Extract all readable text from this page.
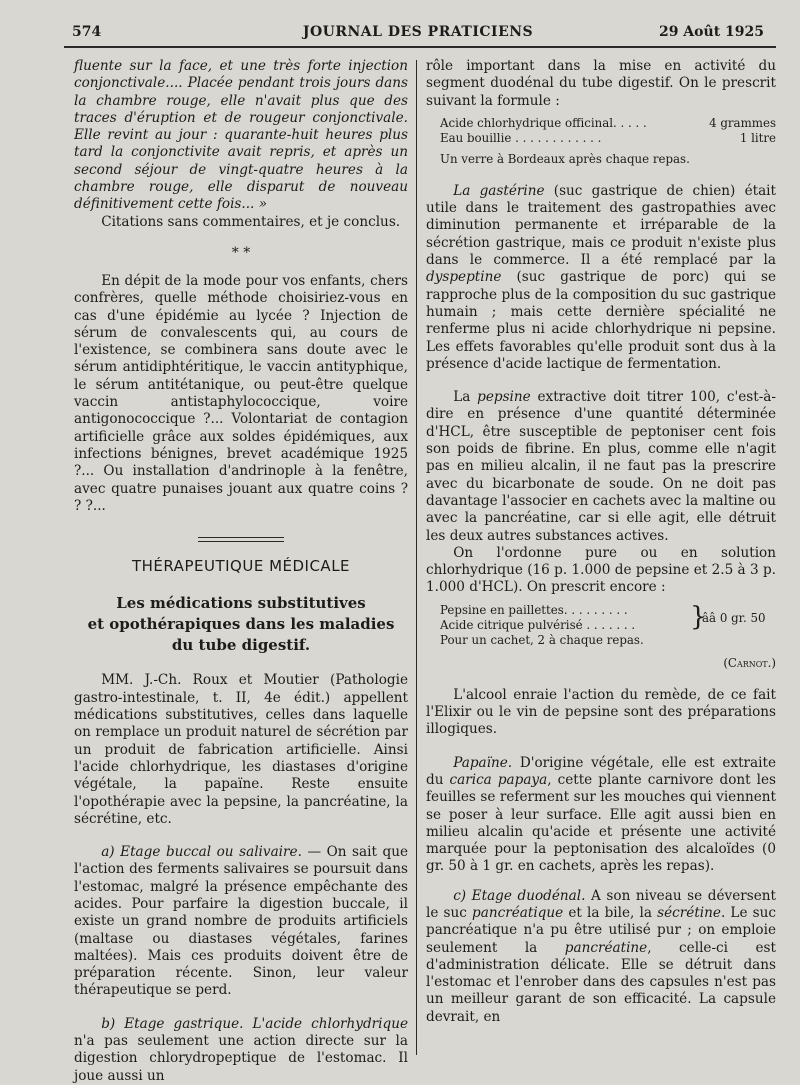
574	JOURNAL DES PRATICIENS	29 Août 1925

fluente sur la face, et une très forte injection conjonctivale.... Placée pendant trois jours dans la chambre rouge, elle n'avait plus que des traces d'éruption et de rougeur conjonctivale. Elle revint au jour : quarante-huit heures plus tard la conjonctivite avait repris, et après un second séjour de vingt-quatre heures à la chambre rouge, elle disparut de nouveau définitivement cette fois... »

Citations sans commentaires, et je conclus.

* *

En dépit de la mode pour vos enfants, chers confrères, quelle méthode choisiriez-vous en cas d'une épidémie au lycée ? Injection de sérum de convalescents qui, au cours de l'existence, se combinera sans doute avec le sérum antidiphtéritique, le vaccin antityphique, le sérum antitétanique, ou peut-être quelque vaccin antistaphylococcique, voire antigonococcique ?... Volontariat de contagion artificielle grâce aux soldes épidémiques, aux infections bénignes, brevet académique 1925 ?... Ou installation d'andrinople à la fenêtre, avec quatre punaises jouant aux quatre coins ? ? ?...

THÉRAPEUTIQUE MÉDICALE
Les médications substitutives
et opothérapiques dans les maladies
du tube digestif.

MM. J.-Ch. Roux et Moutier (Pathologie gastro-intestinale, t. II, 4e édit.) appellent médications substitutives, celles dans laquelle on remplace un produit naturel de sécrétion par un produit de fabrication artificielle. Ainsi l'acide chlorhydrique, les diastases d'origine végétale, la papaïne. Reste ensuite l'opothérapie avec la pepsine, la pancréatine, la sécrétine, etc.

a) Etage buccal ou salivaire. — On sait que l'action des ferments salivaires se poursuit dans l'estomac, malgré la présence empêchante des acides. Pour parfaire la digestion buccale, il existe un grand nombre de produits artificiels (maltase ou diastases végétales, farines maltées). Mais ces produits doivent être de préparation récente. Sinon, leur valeur thérapeutique se perd.

b) Etage gastrique. L'acide chlorhydrique n'a pas seulement une action directe sur la digestion chlorydropeptique de l'estomac. Il joue aussi un

rôle important dans la mise en activité du segment duodénal du tube digestif. On le prescrit suivant la formule :

Acide chlorhydrique officinal. . . . .	4 grammes
Eau bouillie . . . . . . . . . . . .	1 litre
Un verre à Bordeaux après chaque repas.

La gastérine (suc gastrique de chien) était utile dans le traitement des gastropathies avec diminution permanente et irréparable de la sécrétion gastrique, mais ce produit n'existe plus dans le commerce. Il a été remplacé par la dyspeptine (suc gastrique de porc) qui se rapproche plus de la composition du suc gastrique humain ; mais cette dernière spécialité ne renferme plus ni acide chlorhydrique ni pepsine. Les effets favorables qu'elle produit sont dus à la présence d'acide lactique de fermentation.

La pepsine extractive doit titrer 100, c'est-à-dire en présence d'une quantité déterminée d'HCL, être susceptible de peptoniser cent fois son poids de fibrine. En plus, comme elle n'agit pas en milieu alcalin, il ne faut pas la prescrire avec du bicarbonate de soude. On ne doit pas davantage l'associer en cachets avec la maltine ou avec la pancréatine, car si elle agit, elle détruit les deux autres substances actives.

On l'ordonne pure ou en solution chlorhydrique (16 p. 1.000 de pepsine et 2.5 à 3 p. 1.000 d'HCL). On prescrit encore :

Pepsine en paillettes. . . . . . . . .
Acide citrique pulvérisé . . . . . . .
Pour un cachet, 2 à chaque repas.
}
ââ 0 gr. 50
(Carnot.)

L'alcool enraie l'action du remède, de ce fait l'Elixir ou le vin de pepsine sont des préparations illogiques.

Papaïne. D'origine végétale, elle est extraite du carica papaya, cette plante carnivore dont les feuilles se referment sur les mouches qui viennent se poser à leur surface. Elle agit aussi bien en milieu alcalin qu'acide et présente une activité marquée pour la peptonisation des alcaloïdes (0 gr. 50 à 1 gr. en cachets, après les repas).

c) Etage duodénal. A son niveau se déversent le suc pancréatique et la bile, la sécrétine. Le suc pancréatique n'a pu être utilisé pur ; on emploie seulement la pancréatine, celle-ci est d'administration délicate. Elle se détruit dans l'estomac et l'enrober dans des capsules n'est pas un meilleur garant de son efficacité. La capsule devrait, en
